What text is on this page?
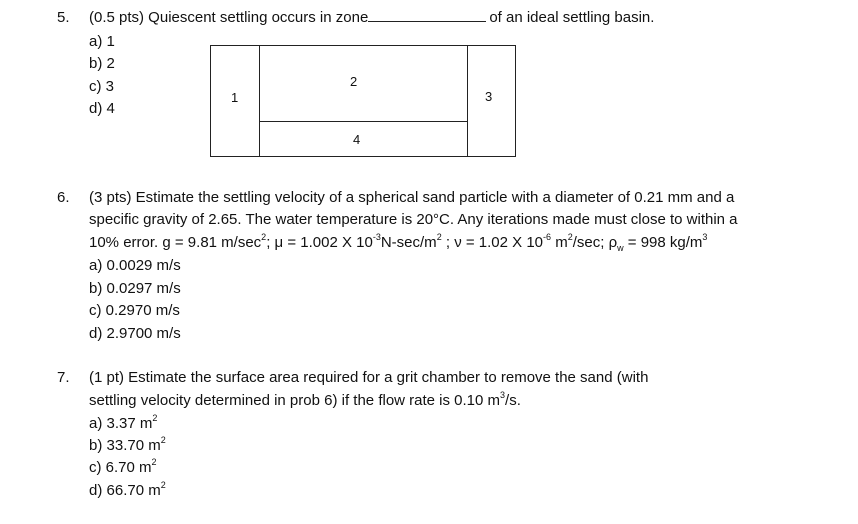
5. (0.5 pts) Quiescent settling occurs in zone	of an ideal settling basin.
a) 1
b) 2
c) 3
d) 4
1
2
3
4
6. (3 pts) Estimate the settling velocity of a spherical sand particle with a diameter of 0.21 mm and a
specific gravity of 2.65. The water temperature is 20°C. Any iterations made must close to within a
10% error. g = 9.81 $m/\sec^2$; μ = 1.002 X $10^{-3}N-\sec/m^2$ ; ν = 1.02 X $10^{-6}$ $m^2/\sec$; $\rho_w = 998$ $kg/m^3$
a) 0.0029 m/s
b) 0.0297 m/s
c) 0.2970 m/s
d) 2.9700 m/s
7. (1 pt) Estimate the surface area required for a grit chamber to remove the sand (with
settling velocity determined in prob 6) if the flow rate is 0.10 $m^3/s$.
a) 3.37 $m^2$
b) 33.70 $m^2$
c) 6.70 $m^2$
d) 66.70 $m^2$
